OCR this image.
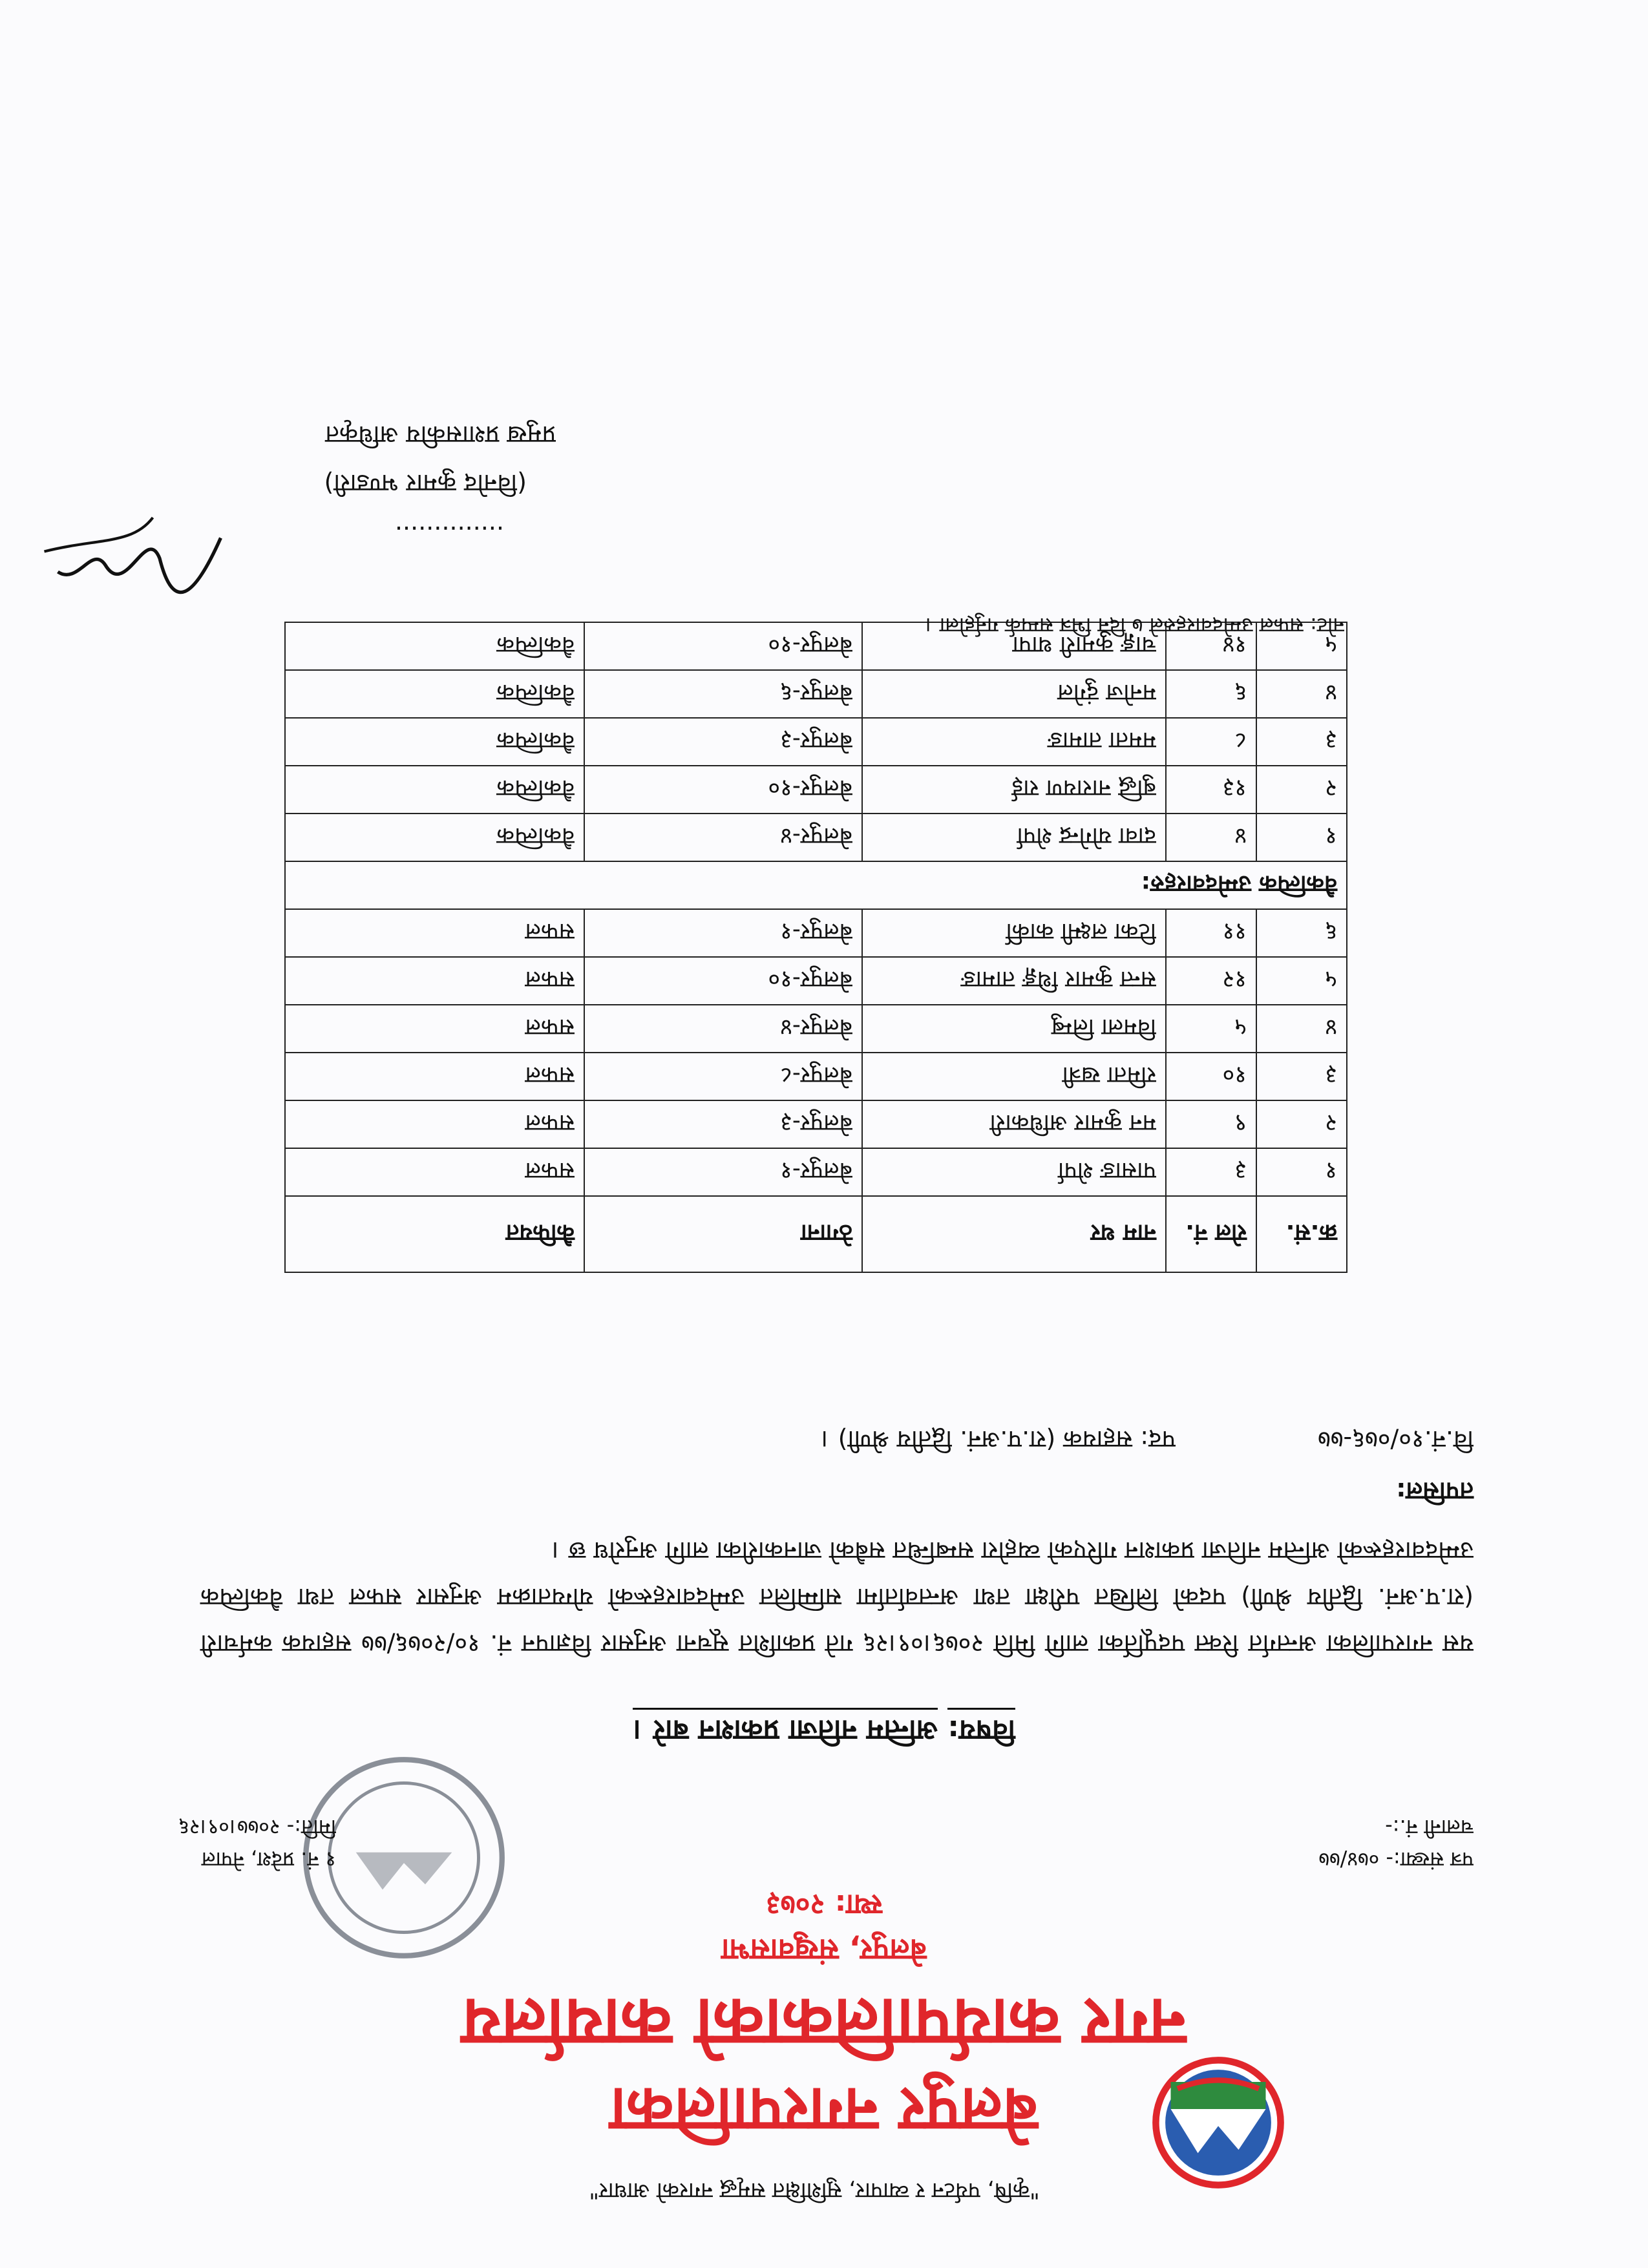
"कृषि, पर्यटन र व्यापार, सुशिक्षित समृद्ध नगरको आधार"
बेलपुर नगरपालिका
नगर कार्यपालिकाको कार्यालय
बेलपुर, संखुवासभा
स्था: २०७३
पत्र संख्या:- ०७४/७७
चलानी नं.:-
१ नं. प्रदेश, नेपाल
मिति:- २०७७।०९।२६
विषय: अन्तिम नतिजा प्रकाशन बारे ।
यस नगरपालिका अन्तर्गत रिक्त पदपूर्तिका लागि मिति २०७६।०९।२६ गते प्रकाशित सूचना अनुसार विज्ञापन नं. १०/२०७६/७७ सहायक कर्मचारी (रा.प.अनं. द्वितीय श्रेणी) पदको लिखित परीक्षा तथा अन्तर्वार्तामा सम्मिलित उम्मेदवारहरूको योग्यताक्रम अनुसार सफल तथा वैकल्पिक उम्मेदवारहरूको अन्तिम नतिजा प्रकाशन गरिएको व्यहोरा सम्बन्धित सबैको जानकारीका लागि अनुरोध छ ।
तपसिल:
वि.नं.१०/०७६-७७
पद: सहायक (रा.प.अनं. द्वितीय श्रेणी) ।
क्र.सं.	रोल नं.	नाम थर	ठेगाना	कैफियत
१	३	पासाङ शेर्पा	बेलपुर-१	सफल
२	९	मन कुमार अधिकारी	बेलपुर-३	सफल
३	१०	रमिता खत्री	बेलपुर-८	सफल
४	५	विमला लिम्बु	बेलपुर-४	सफल
५	१२	सन्त कुमार थिङ्ग तामाङ	बेलपुर-१०	सफल
६	११	टिका लक्ष्मी कार्की	बेलपुर-१	सफल
वैकल्पिक उम्मेदवारहरु:				
१	४	दावा योगेन्द्र शेर्पा	बेलपुर-४	वैकल्पिक
२	१३	बुद्धि नारायण राई	बेलपुर-१०	वैकल्पिक
३	८	ममता तामाङ	बेलपुर-३	वैकल्पिक
४	६	मनोज दुंगेल	बेलपुर-६	वैकल्पिक
५	१४	चाङ्ग कुमारी थापा	बेलपुर-१०	वैकल्पिक
नोट: सफल उम्मेदवारहरुले ७ दिन भित्र सम्पर्क गर्नुहोला ।
..............
(विनोद कुमार भण्डारी)
प्रमुख प्रशासकीय अधिकृत
